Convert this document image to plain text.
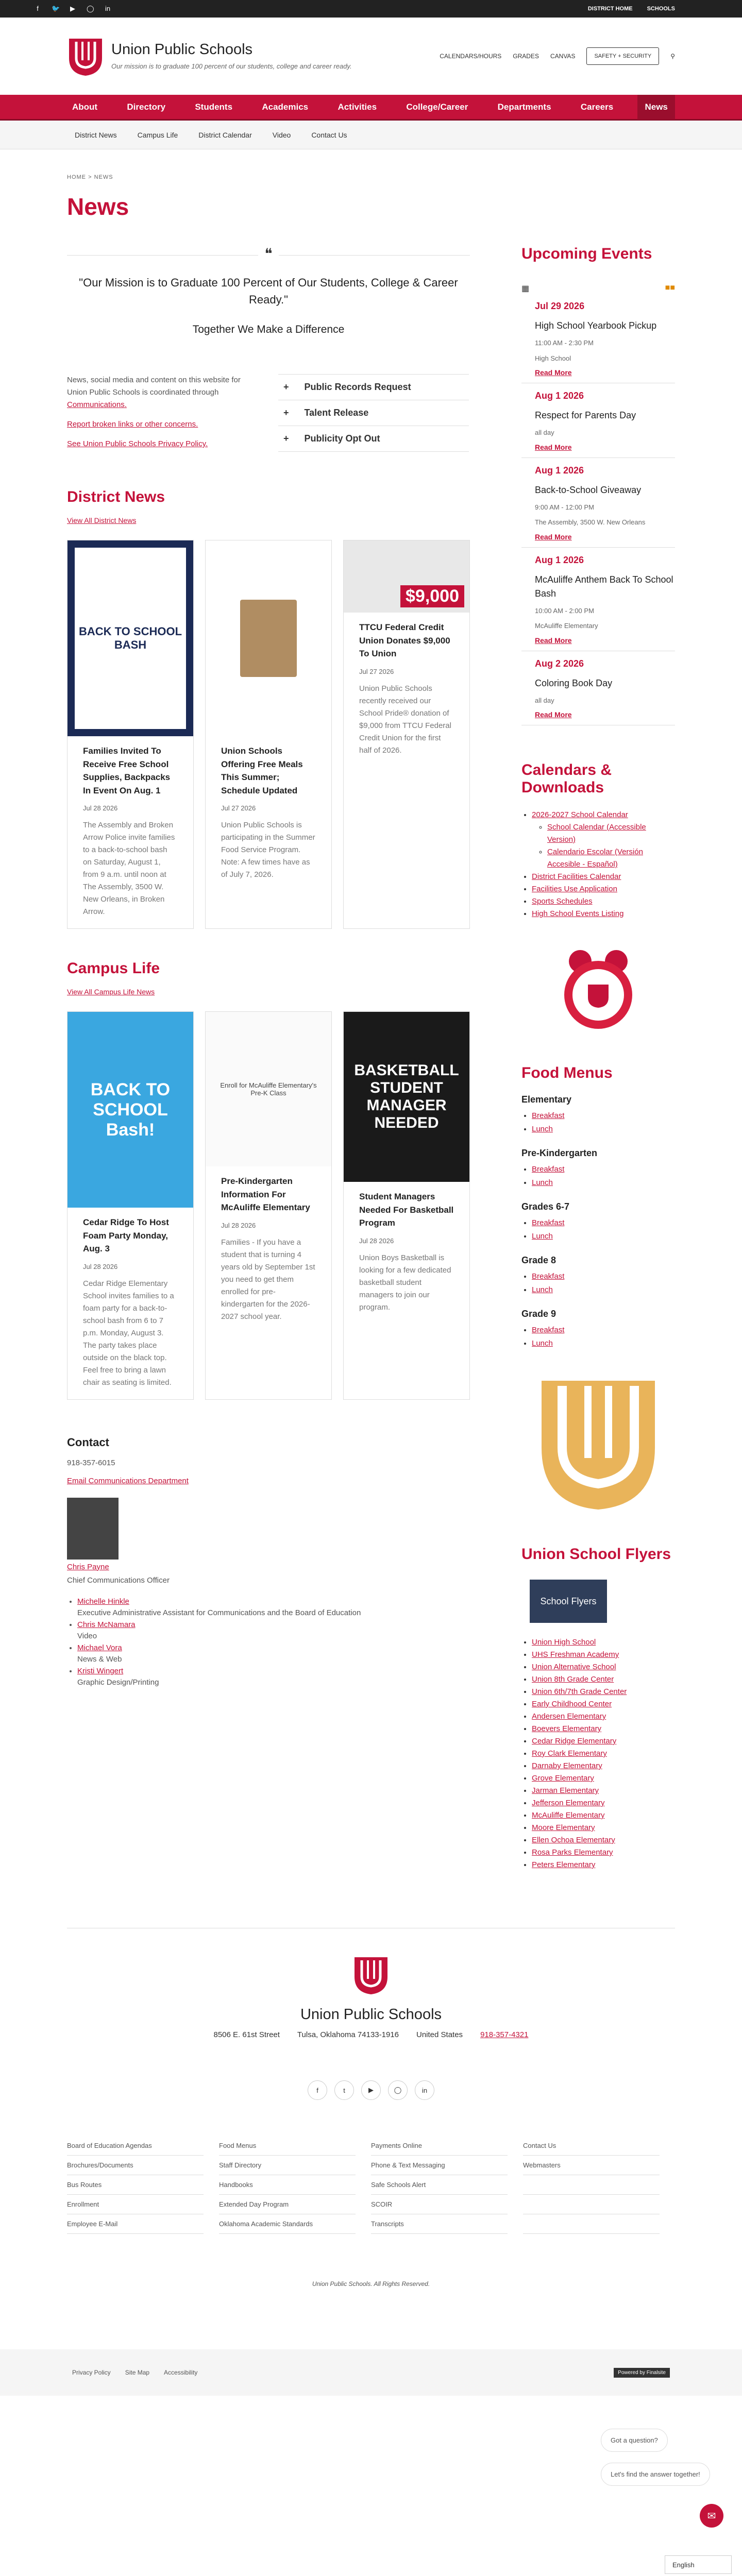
f	🐦 ▶ ◯ in	DISTRICT HOME	SCHOOLS
Union Public Schools
Our mission is to graduate 100 percent of our students, college and career ready.
CALENDARS/HOURS GRADES CANVAS	SAFETY + SECURITY	⚲
About	Directory	Students	Academics	Activities	College/Career	Departments	Careers	News
District News	Campus Life	District Calendar	Video	Contact Us
HOME > NEWS
News
❝
"Our Mission is to Graduate 100 Percent of Our Students, College & Career Ready."
Together We Make a Difference

News, social media and content on this website for Union Public Schools is coordinated through Communications.

Report broken links or other concerns.

See Union Public Schools Privacy Policy.

+ Public Records Request
+ Talent Release
+ Publicity Opt Out
District News
View All District News
BACK TO SCHOOL BASH
Families Invited To Receive Free School Supplies, Backpacks In Event On Aug. 1
Jul 28 2026
The Assembly and Broken Arrow Police invite families to a back-to-school bash on Saturday, August 1, from 9 a.m. until noon at The Assembly, 3500 W. New Orleans, in Broken Arrow.
Union Schools Offering Free Meals This Summer; Schedule Updated
Jul 27 2026
Union Public Schools is participating in the Summer Food Service Program. Note: A few times have as of July 7, 2026.
$9,000
TTCU Federal Credit Union Donates $9,000 To Union
Jul 27 2026
Union Public Schools recently received our School Pride® donation of $9,000 from TTCU Federal Credit Union for the first half of 2026.
Campus Life
View All Campus Life News
BACK TO SCHOOL Bash!
Cedar Ridge To Host Foam Party Monday, Aug. 3
Jul 28 2026
Cedar Ridge Elementary School invites families to a foam party for a back-to-school bash from 6 to 7 p.m. Monday, August 3. The party takes place outside on the black top. Feel free to bring a lawn chair as seating is limited.
Enroll for McAuliffe Elementary's Pre-K Class
Pre-Kindergarten Information For McAuliffe Elementary
Jul 28 2026
Families - If you have a student that is turning 4 years old by September 1st you need to get them enrolled for pre-kindergarten for the 2026-2027 school year.
BASKETBALL STUDENT MANAGER NEEDED
Student Managers Needed For Basketball Program
Jul 28 2026
Union Boys Basketball is looking for a few dedicated basketball student managers to join our program.
Contact
918-357-6015
Email Communications Department
Chris Payne
Chief Communications Officer
• Michelle Hinkle
Executive Administrative Assistant for Communications and the Board of Education
• Chris McNamara
Video
• Michael Vora
News & Web
• Kristi Wingert
Graphic Design/Printing
Upcoming Events
▦	■■
Jul 29 2026
High School Yearbook Pickup
11:00 AM - 2:30 PM
High School
Read More
Aug 1 2026
Respect for Parents Day
all day
Read More
Aug 1 2026
Back-to-School Giveaway
9:00 AM - 12:00 PM
The Assembly, 3500 W. New Orleans
Read More
Aug 1 2026
McAuliffe Anthem Back To School Bash
10:00 AM - 2:00 PM
McAuliffe Elementary
Read More
Aug 2 2026
Coloring Book Day
all day
Read More
Calendars & Downloads
• 2026-2027 School Calendar
◦ School Calendar (Accessible Version)
◦ Calendario Escolar (Versión Accesible - Español)
• District Facilities Calendar
• Facilities Use Application
• Sports Schedules
• High School Events Listing
Food Menus
Elementary
• Breakfast
• Lunch
Pre-Kindergarten
• Breakfast
• Lunch
Grades 6-7
• Breakfast
• Lunch
Grade 8
• Breakfast
• Lunch
Grade 9
• Breakfast
• Lunch
Union School Flyers
School Flyers
• Union High School
• UHS Freshman Academy
• Union Alternative School
• Union 8th Grade Center
• Union 6th/7th Grade Center
• Early Childhood Center
• Andersen Elementary
• Boevers Elementary
• Cedar Ridge Elementary
• Roy Clark Elementary
• Darnaby Elementary
• Grove Elementary
• Jarman Elementary
• Jefferson Elementary
• McAuliffe Elementary
• Moore Elementary
• Ellen Ochoa Elementary
• Rosa Parks Elementary
• Peters Elementary
Union Public Schools
8506 E. 61st Street Tulsa, Oklahoma 74133-1916 United States 918-357-4321
f	t	▶	◯	in
Board of Education Agendas	Food Menus	Payments Online	Contact Us
Brochures/Documents	Staff Directory	Phone & Text Messaging	Webmasters
Bus Routes	Handbooks	Safe Schools Alert
Enrollment	Extended Day Program	SCOIR
Employee E-Mail	Oklahoma Academic Standards	Transcripts
Union Public Schools. All Rights Reserved.
Privacy Policy Site Map Accessibility	Powered by Finalsite
Got a question?
Let's find the answer together!
✉
English
